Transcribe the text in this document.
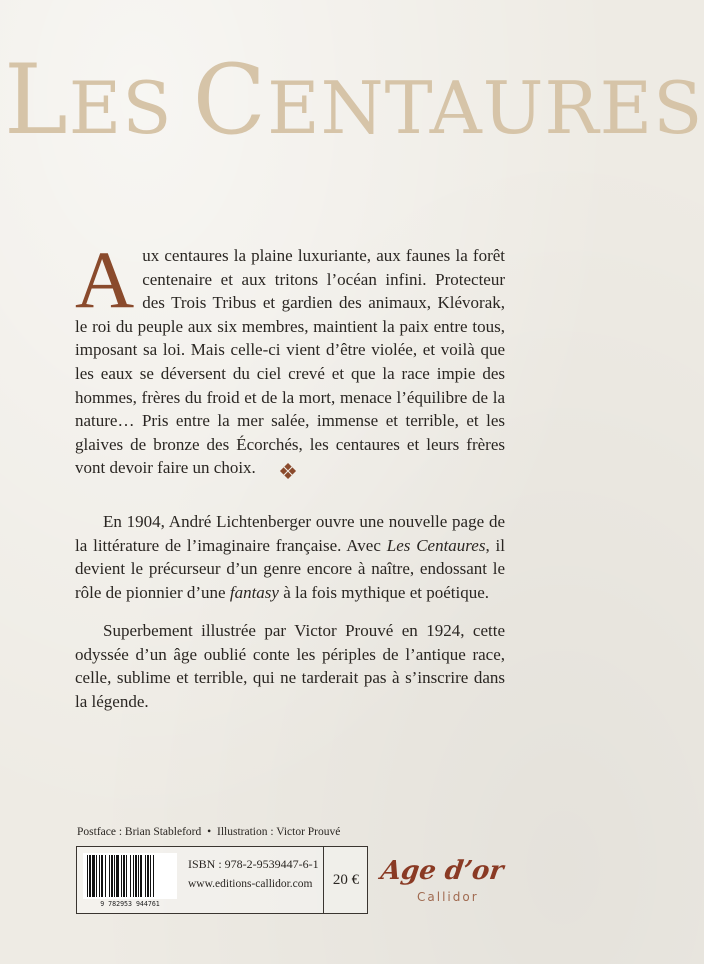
LES CENTAURES

Aux centaures la plaine luxuriante, aux faunes la forêt centenaire et aux tritons l’océan infini. Protecteur des Trois Tribus et gardien des animaux, Klévorak, le roi du peuple aux six membres, maintient la paix entre tous, imposant sa loi. Mais celle-ci vient d’être violée, et voilà que les eaux se déversent du ciel crevé et que la race impie des hommes, frères du froid et de la mort, menace l’équilibre de la nature… Pris entre la mer salée, immense et terrible, et les glaives de bronze des Écorchés, les centaures et leurs frères vont devoir faire un choix.	❖

En 1904, André Lichtenberger ouvre une nouvelle page de la littérature de l’imaginaire française. Avec Les Centaures, il devient le précurseur d’un genre encore à naître, endossant le rôle de pionnier d’une fantasy à la fois mythique et poétique.

Superbement illustrée par Victor Prouvé en 1924, cette odyssée d’un âge oublié conte les périples de l’antique race, celle, sublime et terrible, qui ne tarderait pas à s’inscrire dans la légende.

Postface : Brian Stableford • Illustration : Victor Prouvé
9 782953 944761
ISBN : 978-2-9539447-6-1
www.editions-callidor.com 20 € Age d’or
Callidor
